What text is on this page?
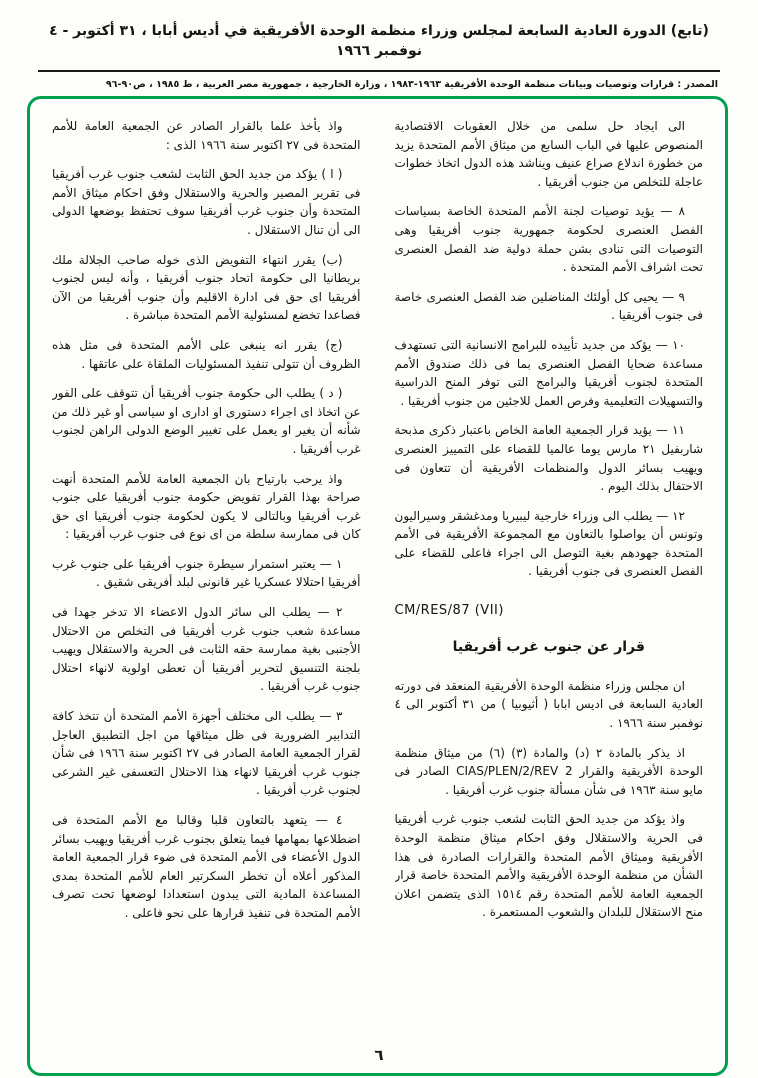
(تابع) الدورة العادية السابعة لمجلس وزراء منظمة الوحدة الأفريقية في أديس أبابا ، ٣١ أكتوبر - ٤ نوفمبر ١٩٦٦
المصدر : قرارات وتوصيات وبيانات منظمة الوحدة الأفريقية ١٩٦٣-١٩٨٣ ، وزارة الخارجية ، جمهورية مصر العربية ، ط ١٩٨٥ ، ص٩٠-٩٦

الى ايجاد حل سلمى من خلال العقوبات الاقتصادية المنصوص عليها في الباب السابع من ميثاق الأمم المتحدة يزيد من خطورة اندلاع صراع عنيف ويناشد هذه الدول اتخاذ خطوات عاجلة للتخلص من جنوب أفريقيا .

٨ — يؤيد توصيات لجنة الأمم المتحدة الخاصة بسياسات الفصل العنصرى لحكومة جمهورية جنوب أفريقيا وهى التوصيات التى تنادى بشن حملة دولية ضد الفصل العنصرى تحت اشراف الأمم المتحدة .

٩ — يحيى كل أولئك المناضلين ضد الفصل العنصرى خاصة فى جنوب أفريقيا .

١٠ — يؤكد من جديد تأييده للبرامج الانسانية التى تستهدف مساعدة ضحايا الفصل العنصرى بما فى ذلك صندوق الأمم المتحدة لجنوب أفريقيا والبرامج التى توفر المنح الدراسية والتسهيلات التعليمية وفرص العمل للاجئين من جنوب أفريقيا .

١١ — يؤيد قرار الجمعية العامة الخاص باعتبار ذكرى مذبحة شاربفيل ٢١ مارس يوما عالميا للقضاء على التمييز العنصرى ويهيب بسائر الدول والمنظمات الأفريقية أن تتعاون فى الاحتفال بذلك اليوم .

١٢ — يطلب الى وزراء خارجية ليبيريا ومدغشقر وسيراليون وتونس أن يواصلوا بالتعاون مع المجموعة الأفريقية فى الأمم المتحدة جهودهم بغية التوصل الى اجراء فاعلى للقضاء على الفصل العنصرى فى جنوب أفريقيا .

CM/RES/87 (VII)
قرار عن جنوب غرب أفريقيا

ان مجلس وزراء منظمة الوحدة الأفريقية المنعقد فى دورته العادية السابعة فى اديس ابابا ( أثيوبيا ) من ٣١ أكتوبر الى ٤ نوفمبر سنة ١٩٦٦ .

اذ يذكر بالمادة ٢ (د) والمادة (٣) (٦) من ميثاق منظمة الوحدة الأفريقية والقرار CIAS/PLEN/2/REV 2 الصادر فى مايو سنة ١٩٦٣ فى شأن مسألة جنوب غرب أفريقيا .

واذ يؤكد من جديد الحق الثابت لشعب جنوب غرب أفريقيا فى الحرية والاستقلال وفق احكام ميثاق منظمة الوحدة الأفريقية وميثاق الأمم المتحدة والقرارات الصادرة فى هذا الشأن من منظمة الوحدة الأفريقية والأمم المتحدة خاصة قرار الجمعية العامة للأمم المتحدة رقم ١٥١٤ الذى يتضمن اعلان منح الاستقلال للبلدان والشعوب المستعمرة .

واذ يأخذ علما بالقرار الصادر عن الجمعية العامة للأمم المتحدة فى ٢٧ اكتوبر سنة ١٩٦٦ الذى :

( ا ) يؤكد من جديد الحق الثابت لشعب جنوب غرب أفريقيا فى تقرير المصير والحرية والاستقلال وفق احكام ميثاق الأمم المتحدة وأن جنوب غرب أفريقيا سوف تحتفظ بوضعها الدولى الى أن تنال الاستقلال .

(ب) يقرر انتهاء التفويض الذى خوله صاحب الجلالة ملك بريطانيا الى حكومة اتحاد جنوب أفريقيا ، وأنه ليس لجنوب أفريقيا اى حق فى ادارة الاقليم وأن جنوب أفريقيا من الآن فصاعدا تخضع لمسئولية الأمم المتحدة مباشرة .

(ج) يقرر انه ينبغى على الأمم المتحدة فى مثل هذه الظروف أن تتولى تنفيذ المسئوليات الملقاة على عاتقها .

( د ) يطلب الى حكومة جنوب أفريقيا أن تتوقف على الفور عن اتخاذ اى اجراء دستورى او ادارى او سياسى أو غير ذلك من شأنه أن يغير او يعمل على تغيير الوضع الدولى الراهن لجنوب غرب أفريقيا .

واذ يرحب بارتياح بان الجمعية العامة للأمم المتحدة أنهت صراحة بهذا القرار تفويض حكومة جنوب أفريقيا على جنوب غرب أفريقيا وبالتالى لا يكون لحكومة جنوب أفريقيا اى حق كان فى ممارسة سلطة من اى نوع فى جنوب غرب أفريقيا :

١ — يعتبر استمرار سيطرة جنوب أفريقيا على جنوب غرب أفريقيا احتلالا عسكريا غير قانونى لبلد أفريقى شقيق .

٢ — يطلب الى سائر الدول الاعضاء الا تدخر جهدا فى مساعدة شعب جنوب غرب أفريقيا فى التخلص من الاحتلال الأجنبى بغية ممارسة حقه الثابت فى الحرية والاستقلال ويهيب بلجنة التنسيق لتحرير أفريقيا أن تعطى اولوية لانهاء احتلال جنوب غرب أفريقيا .

٣ — يطلب الى مختلف أجهزة الأمم المتحدة أن تتخذ كافة التدابير الضرورية فى ظل ميثاقها من اجل التطبيق العاجل لقرار الجمعية العامة الصادر فى ٢٧ اكتوبر سنة ١٩٦٦ فى شأن جنوب غرب أفريقيا لانهاء هذا الاحتلال التعسفى غير الشرعى لجنوب غرب أفريقيا .

٤ — يتعهد بالتعاون قلبا وقالبا مع الأمم المتحدة فى اضطلاعها بمهامها فيما يتعلق بجنوب غرب أفريقيا ويهيب بسائر الدول الأعضاء فى الأمم المتحدة فى ضوء قرار الجمعية العامة المذكور أعلاه أن تخطر السكرتير العام للأمم المتحدة بمدى المساعدة المادية التى يبدون استعدادا لوضعها تحت تصرف الأمم المتحدة فى تنفيذ قرارها على نحو فاعلى .

٦
